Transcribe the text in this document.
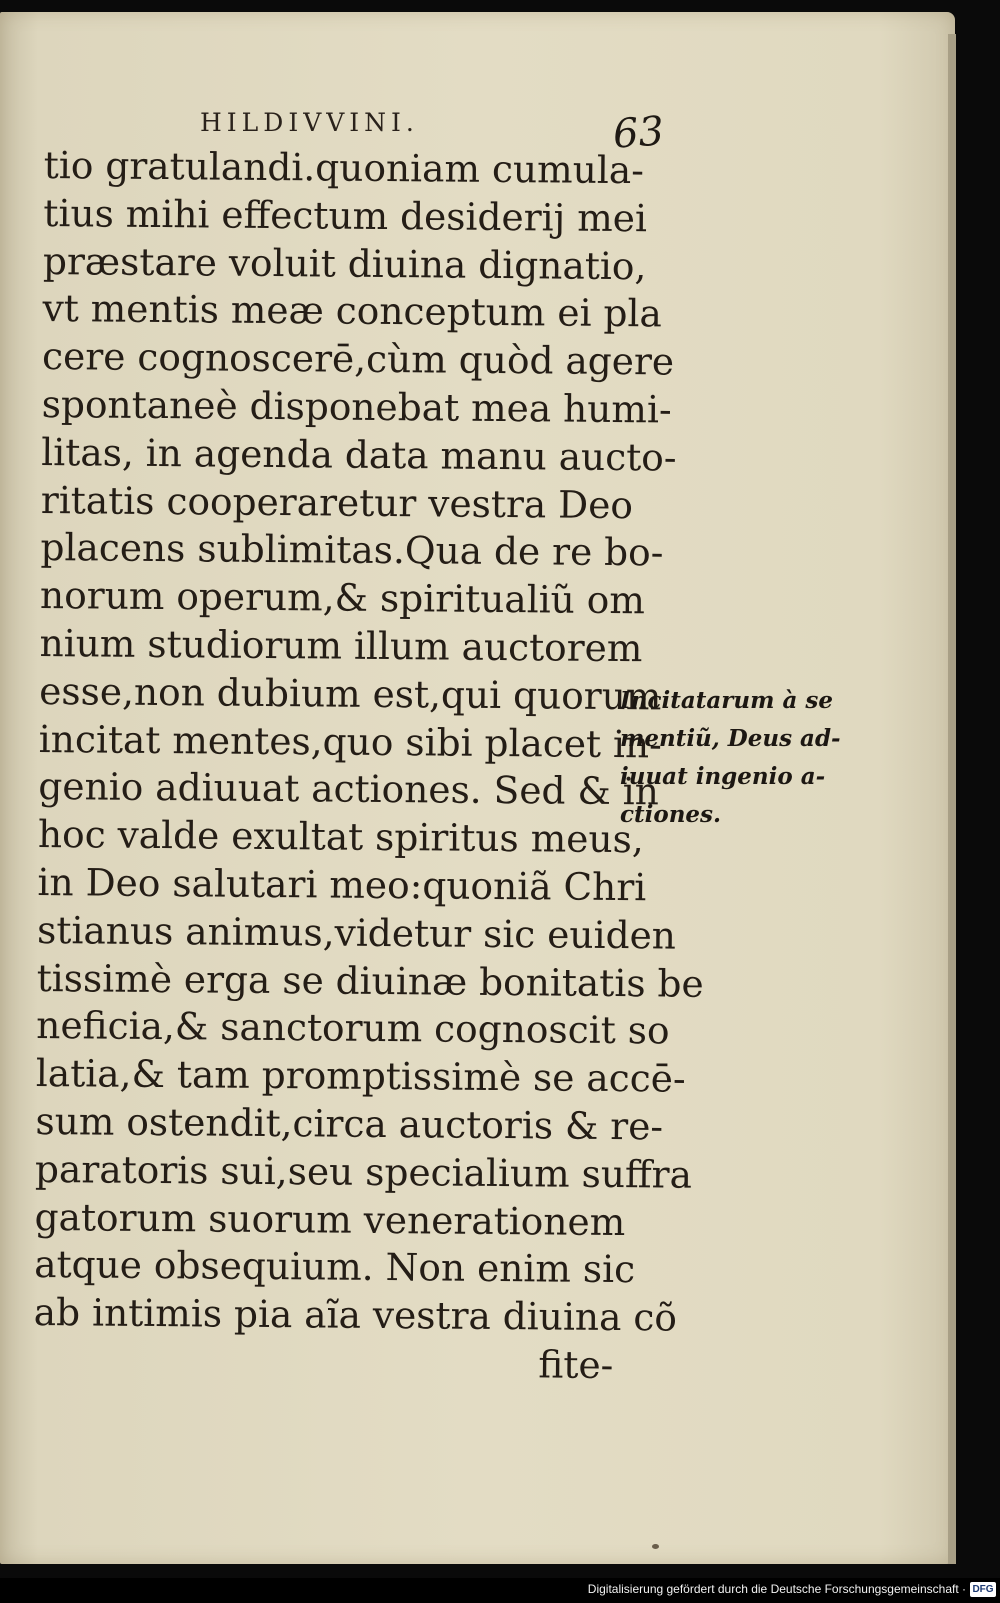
HILDIVVINI.	63
tio gratulandi.quoniam cumula-
tius mihi effectum desiderij mei
præstare voluit diuina dignatio,
vt mentis meæ conceptum ei pla
cere cognoscerē,cùm quòd agere
spontaneè disponebat mea humi-
litas, in agenda data manu aucto-
ritatis cooperaretur vestra Deo
placens sublimitas.Qua de re bo-
norum operum,& spiritualiũ om
nium studiorum illum auctorem
esse,non dubium est,qui quorum
incitat mentes,quo sibi placet in-
genio adiuuat actiones. Sed & in
hoc valde exultat spiritus meus,
in Deo salutari meo:quoniã Chri
stianus animus,videtur sic euiden
tissimè erga se diuinæ bonitatis be
neficia,& sanctorum cognoscit so
latia,& tam promptissimè se accē-
sum ostendit,circa auctoris & re-
paratoris sui,seu specialium suffra
gatorum suorum venerationem
atque obsequium. Non enim sic
ab intimis pia aĩa vestra diuina cõ
fite-
Incitatarum à se
mentiũ, Deus ad-
iuuat ingenio a-
ctiones.
Digitalisierung gefördert durch die Deutsche Forschungsgemeinschaft · DFG
